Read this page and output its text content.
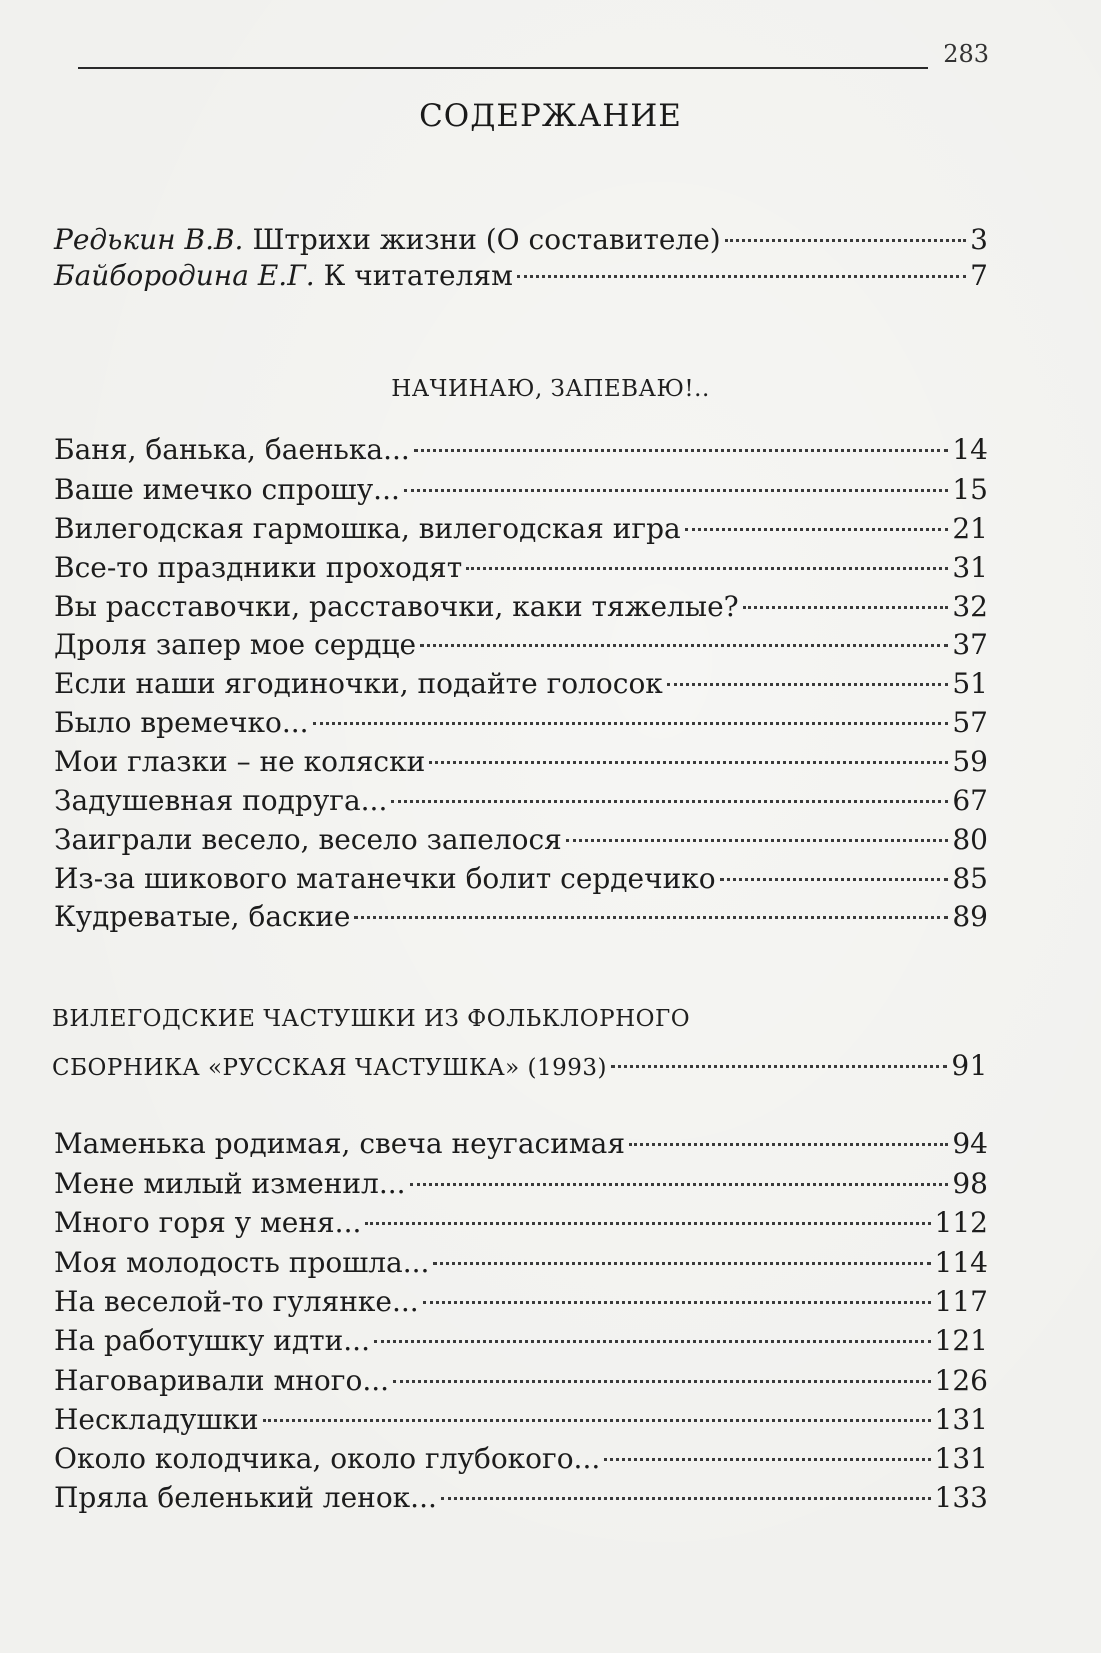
283
СОДЕРЖАНИЕ
Редькин В.В. Штрихи жизни (О составителе)	3
Байбородина Е.Г. К читателям	7
НАЧИНАЮ, ЗАПЕВАЮ!..
Баня, банька, баенька...	14
Ваше имечко спрошу...	15
Вилегодская гармошка, вилегодская игра	21
Все-то праздники проходят	31
Вы расставочки, расставочки, каки тяжелые?	32
Дроля запер мое сердце	37
Если наши ягодиночки, подайте голосок	51
Было времечко...	57
Мои глазки – не коляски	59
Задушевная подруга...	67
Заиграли весело, весело запелося	80
Из-за шикового матанечки болит сердечико	85
Кудреватые, баские	89
ВИЛЕГОДСКИЕ ЧАСТУШКИ ИЗ ФОЛЬКЛОРНОГО
СБОРНИКА «РУССКАЯ ЧАСТУШКА» (1993)	91
Маменька родимая, свеча неугасимая	94
Мене милый изменил...	98
Много горя у меня...	112
Моя молодость прошла...	114
На веселой-то гулянке...	117
На работушку идти...	121
Наговаривали много...	126
Нескладушки	131
Около колодчика, около глубокого...	131
Пряла беленький ленок...	133
